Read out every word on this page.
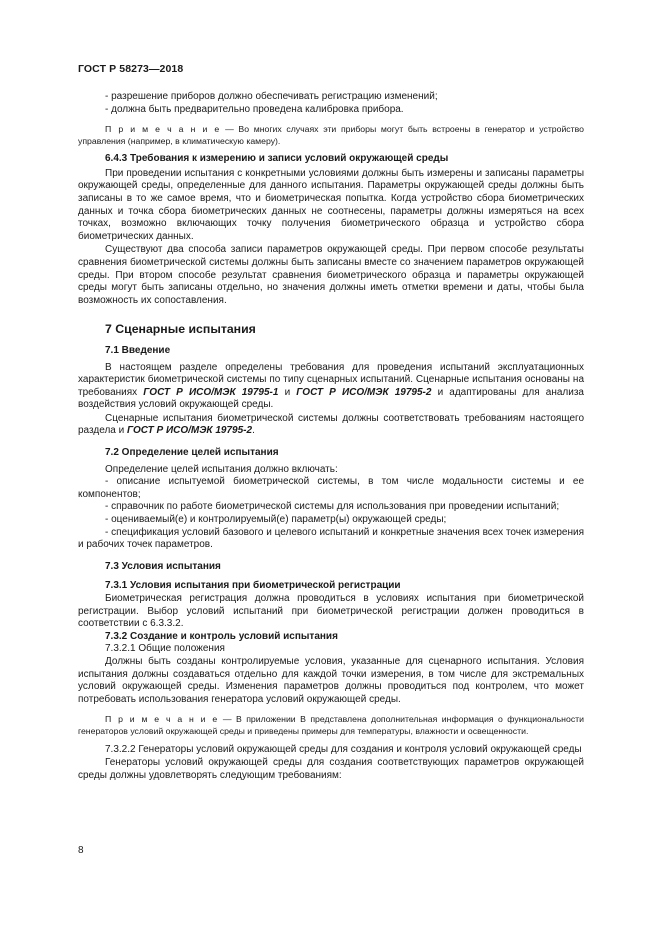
ГОСТ Р 58273—2018

- разрешение приборов должно обеспечивать регистрацию изменений;

- должна быть предварительно проведена калибровка прибора.

П р и м е ч а н и е — Во многих случаях эти приборы могут быть встроены в генератор и устройство управления (например, в климатическую камеру).

6.4.3 Требования к измерению и записи условий окружающей среды

При проведении испытания с конкретными условиями должны быть измерены и записаны параметры окружающей среды, определенные для данного испытания. Параметры окружающей среды должны быть записаны в то же самое время, что и биометрическая попытка. Когда устройство сбора биометрических данных и точка сбора биометрических данных не соотнесены, параметры должны измеряться на всех точках, возможно включающих точку получения биометрического образца и устройство сбора биометрических данных.

Существуют два способа записи параметров окружающей среды. При первом способе результаты сравнения биометрической системы должны быть записаны вместе со значением параметров окружающей среды. При втором способе результат сравнения биометрического образца и параметры окружающей среды могут быть записаны отдельно, но значения должны иметь отметки времени и даты, чтобы была возможность их сопоставления.

7 Сценарные испытания

7.1 Введение

В настоящем разделе определены требования для проведения испытаний эксплуатационных характеристик биометрической системы по типу сценарных испытаний. Сценарные испытания основаны на требованиях ГОСТ Р ИСО/МЭК 19795-1 и ГОСТ Р ИСО/МЭК 19795-2 и адаптированы для анализа воздействия условий окружающей среды.

Сценарные испытания биометрической системы должны соответствовать требованиям настоящего раздела и ГОСТ Р ИСО/МЭК 19795-2.

7.2 Определение целей испытания

Определение целей испытания должно включать:

- описание испытуемой биометрической системы, в том числе модальности системы и ее компонентов;

- справочник по работе биометрической системы для использования при проведении испытаний;

- оцениваемый(е) и контролируемый(е) параметр(ы) окружающей среды;

- спецификация условий базового и целевого испытаний и конкретные значения всех точек измерения и рабочих точек параметров.

7.3 Условия испытания

7.3.1 Условия испытания при биометрической регистрации

Биометрическая регистрация должна проводиться в условиях испытания при биометрической регистрации. Выбор условий испытаний при биометрической регистрации должен проводиться в соответствии с 6.3.3.2.

7.3.2 Создание и контроль условий испытания

7.3.2.1 Общие положения

Должны быть созданы контролируемые условия, указанные для сценарного испытания. Условия испытания должны создаваться отдельно для каждой точки измерения, в том числе для экстремальных условий окружающей среды. Изменения параметров должны проводиться под контролем, что может потребовать использования генератора условий окружающей среды.

П р и м е ч а н и е — В приложении В представлена дополнительная информация о функциональности генераторов условий окружающей среды и приведены примеры для температуры, влажности и освещенности.

7.3.2.2 Генераторы условий окружающей среды для создания и контроля условий окружающей среды

Генераторы условий окружающей среды для создания соответствующих параметров окружающей среды должны удовлетворять следующим требованиям:

8
